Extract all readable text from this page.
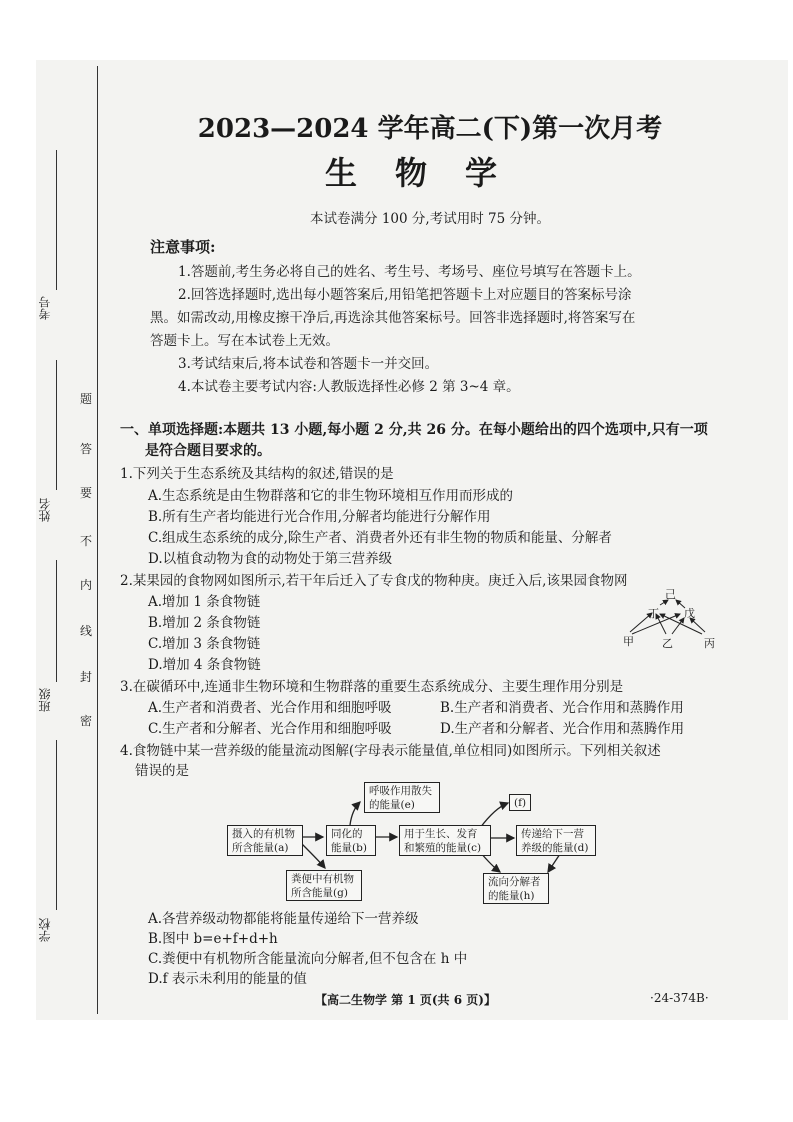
考号
姓名
班级
学校
题
答
要
不
内
线
封
密
2023—2024 学年高二(下)第一次月考
生物学
本试卷满分 100 分,考试用时 75 分钟。
注意事项:
1.答题前,考生务必将自己的姓名、考生号、考场号、座位号填写在答题卡上。
2.回答选择题时,选出每小题答案后,用铅笔把答题卡上对应题目的答案标号涂
黑。如需改动,用橡皮擦干净后,再选涂其他答案标号。回答非选择题时,将答案写在
答题卡上。写在本试卷上无效。
3.考试结束后,将本试卷和答题卡一并交回。
4.本试卷主要考试内容:人教版选择性必修 2 第 3~4 章。
一、单项选择题:本题共 13 小题,每小题 2 分,共 26 分。在每小题给出的四个选项中,只有一项
是符合题目要求的。
1.下列关于生态系统及其结构的叙述,错误的是
A.生态系统是由生物群落和它的非生物环境相互作用而形成的
B.所有生产者均能进行光合作用,分解者均能进行分解作用
C.组成生态系统的成分,除生产者、消费者外还有非生物的物质和能量、分解者
D.以植食动物为食的动物处于第三营养级
2.某果园的食物网如图所示,若干年后迁入了专食戊的物种庚。庚迁入后,该果园食物网
A.增加 1 条食物链
B.增加 2 条食物链
C.增加 3 条食物链
D.增加 4 条食物链
己
丁 戊
甲	乙	丙
3.在碳循环中,连通非生物环境和生物群落的重要生态系统成分、主要生理作用分别是
A.生产者和消费者、光合作用和细胞呼吸	B.生产者和消费者、光合作用和蒸腾作用
C.生产者和分解者、光合作用和细胞呼吸	D.生产者和分解者、光合作用和蒸腾作用
4.食物链中某一营养级的能量流动图解(字母表示能量值,单位相同)如图所示。下列相关叙述
错误的是
摄入的有机物
所含能量(a)
同化的
能量(b)
呼吸作用散失
的能量(e)
用于生长、发育
和繁殖的能量(c)
(f)
传递给下一营
养级的能量(d)
粪便中有机物
所含能量(g)
流向分解者
的能量(h)
A.各营养级动物都能将能量传递给下一营养级
B.图中 b=e+f+d+h
C.粪便中有机物所含能量流向分解者,但不包含在 h 中
D.f 表示未利用的能量的值
【高二生物学 第 1 页(共 6 页)】	·24-374B·
